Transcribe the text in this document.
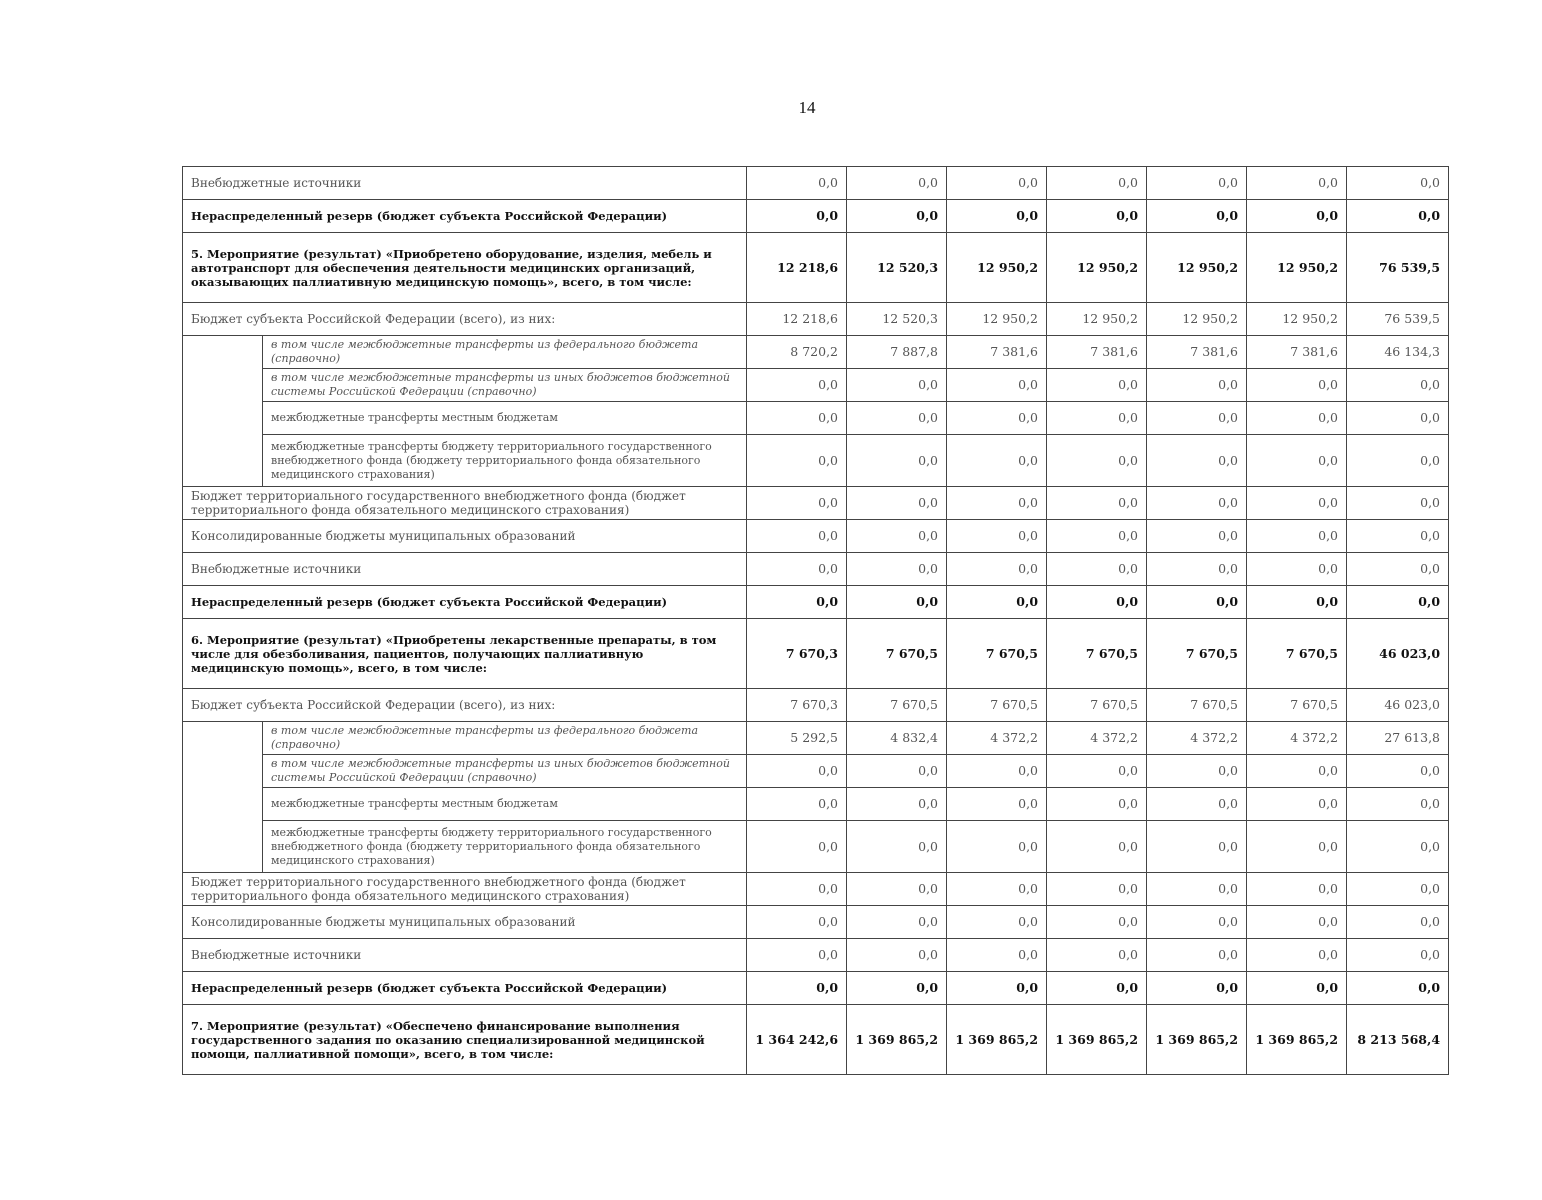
14
Внебюджетные источники		0,0	0,0	0,0	0,0	0,0	0,0	0,0
Нераспределенный резерв (бюджет субъекта Российской Федерации)		0,0	0,0	0,0	0,0	0,0	0,0	0,0
5. Мероприятие (результат) «Приобретено оборудование, изделия, мебель и автотранспорт для обеспечения деятельности медицинских организаций, оказывающих паллиативную медицинскую помощь», всего, в том числе:		12 218,6	12 520,3	12 950,2	12 950,2	12 950,2	12 950,2	76 539,5
Бюджет субъекта Российской Федерации (всего), из них:		12 218,6	12 520,3	12 950,2	12 950,2	12 950,2	12 950,2	76 539,5
	в том числе межбюджетные трансферты из федерального бюджета (справочно)	8 720,2	7 887,8	7 381,6	7 381,6	7 381,6	7 381,6	46 134,3
	в том числе межбюджетные трансферты из иных бюджетов бюджетной системы Российской Федерации (справочно)	0,0	0,0	0,0	0,0	0,0	0,0	0,0
	межбюджетные трансферты местным бюджетам	0,0	0,0	0,0	0,0	0,0	0,0	0,0
	межбюджетные трансферты бюджету территориального государственного внебюджетного фонда (бюджету территориального фонда обязательного медицинского страхования)	0,0	0,0	0,0	0,0	0,0	0,0	0,0
Бюджет территориального государственного внебюджетного фонда (бюджет территориального фонда обязательного медицинского страхования)		0,0	0,0	0,0	0,0	0,0	0,0	0,0
Консолидированные бюджеты муниципальных образований		0,0	0,0	0,0	0,0	0,0	0,0	0,0
Внебюджетные источники		0,0	0,0	0,0	0,0	0,0	0,0	0,0
Нераспределенный резерв (бюджет субъекта Российской Федерации)		0,0	0,0	0,0	0,0	0,0	0,0	0,0
6. Мероприятие (результат) «Приобретены лекарственные препараты, в том числе для обезболивания, пациентов, получающих паллиативную медицинскую помощь», всего, в том числе:		7 670,3	7 670,5	7 670,5	7 670,5	7 670,5	7 670,5	46 023,0
Бюджет субъекта Российской Федерации (всего), из них:		7 670,3	7 670,5	7 670,5	7 670,5	7 670,5	7 670,5	46 023,0
	в том числе межбюджетные трансферты из федерального бюджета (справочно)	5 292,5	4 832,4	4 372,2	4 372,2	4 372,2	4 372,2	27 613,8
	в том числе межбюджетные трансферты из иных бюджетов бюджетной системы Российской Федерации (справочно)	0,0	0,0	0,0	0,0	0,0	0,0	0,0
	межбюджетные трансферты местным бюджетам	0,0	0,0	0,0	0,0	0,0	0,0	0,0
	межбюджетные трансферты бюджету территориального государственного внебюджетного фонда (бюджету территориального фонда обязательного медицинского страхования)	0,0	0,0	0,0	0,0	0,0	0,0	0,0
Бюджет территориального государственного внебюджетного фонда (бюджет территориального фонда обязательного медицинского страхования)		0,0	0,0	0,0	0,0	0,0	0,0	0,0
Консолидированные бюджеты муниципальных образований		0,0	0,0	0,0	0,0	0,0	0,0	0,0
Внебюджетные источники		0,0	0,0	0,0	0,0	0,0	0,0	0,0
Нераспределенный резерв (бюджет субъекта Российской Федерации)		0,0	0,0	0,0	0,0	0,0	0,0	0,0
7. Мероприятие (результат) «Обеспечено финансирование выполнения государственного задания по оказанию специализированной медицинской помощи, паллиативной помощи», всего, в том числе:		1 364 242,6	1 369 865,2	1 369 865,2	1 369 865,2	1 369 865,2	1 369 865,2	8 213 568,4
